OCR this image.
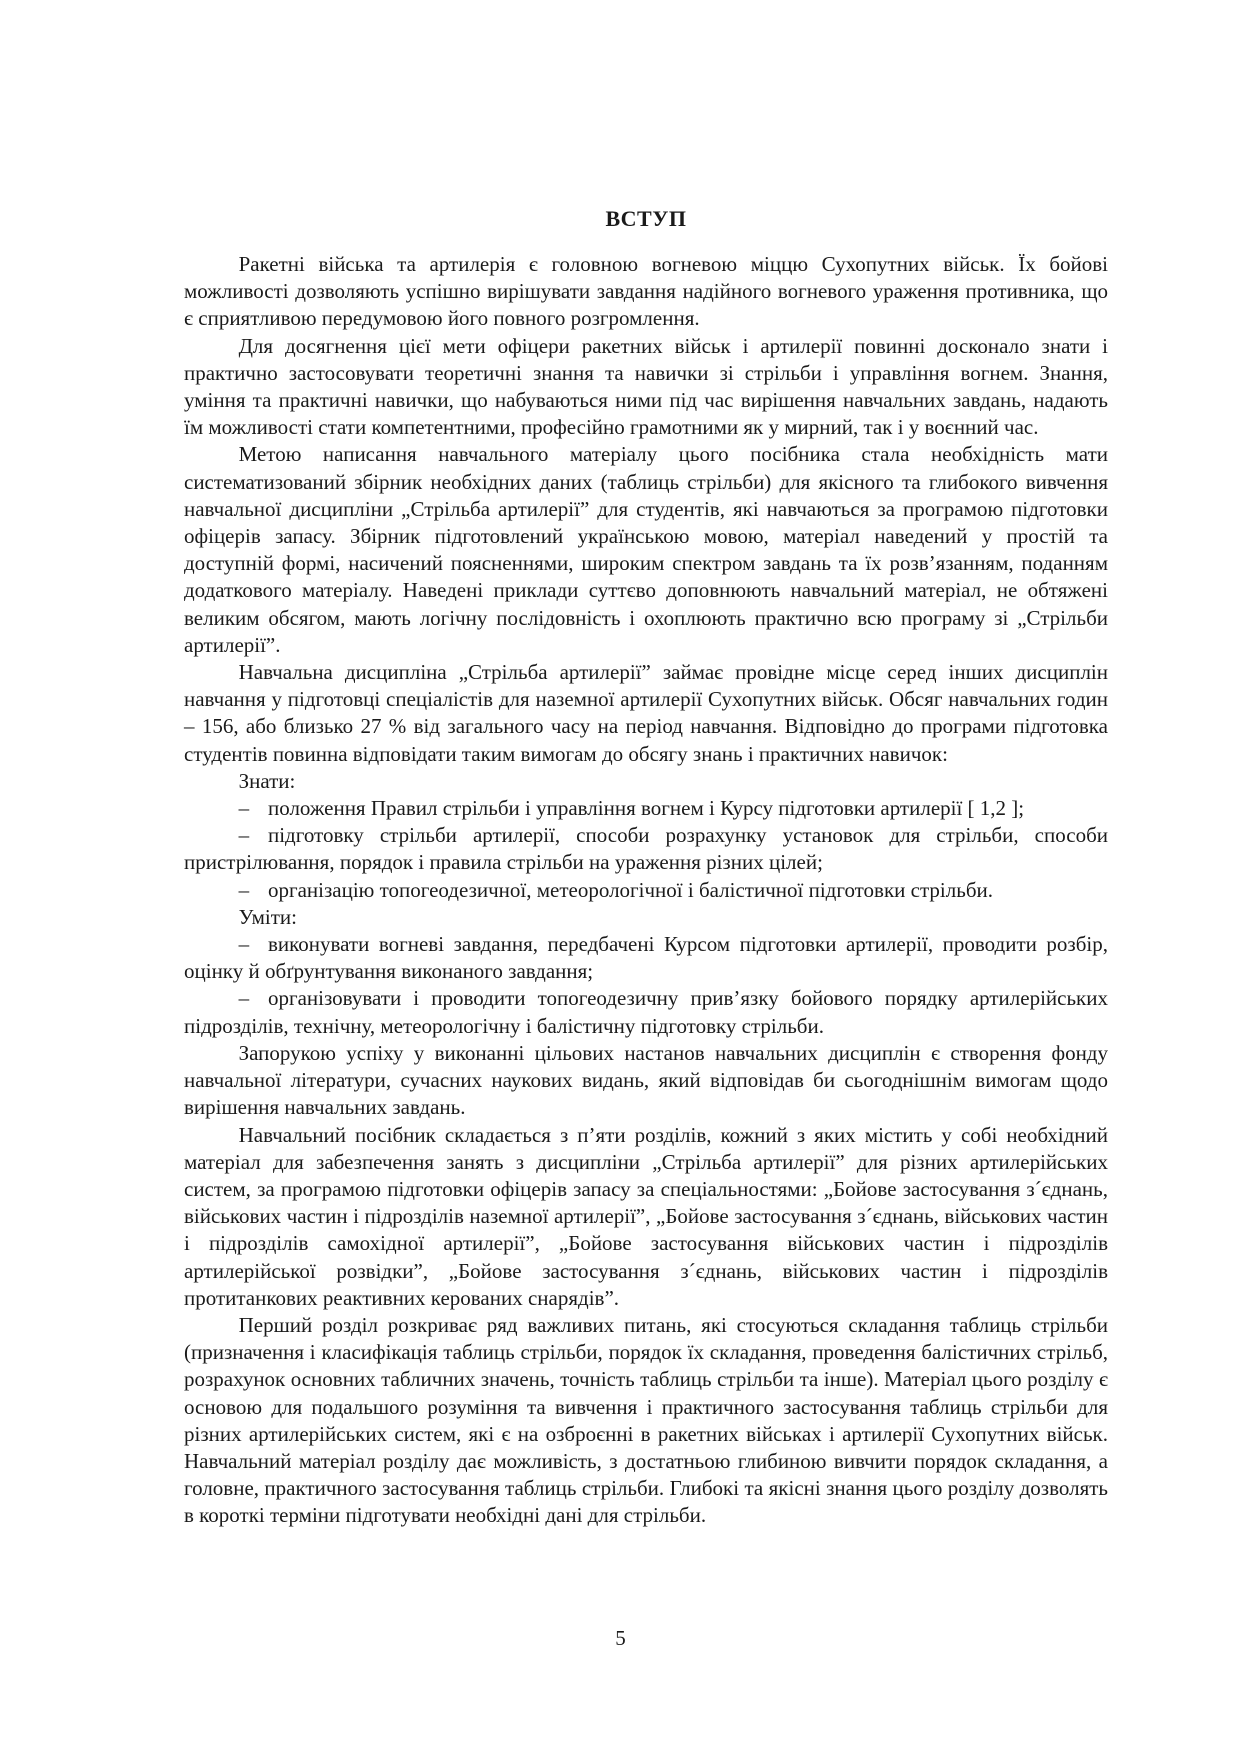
ВСТУП

Ракетні війська та артилерія є головною вогневою міццю Сухопутних військ. Їх бойові можливості дозволяють успішно вирішувати завдання надійного вогневого ураження противника, що є сприятливою передумовою його повного розгромлення.

Для досягнення цієї мети офіцери ракетних військ і артилерії повинні досконало знати і практично застосовувати теоретичні знання та навички зі стрільби і управління вогнем. Знання, уміння та практичні навички, що набуваються ними під час вирішення навчальних завдань, надають їм можливості стати компетентними, професійно грамотними як у мирний, так і у воєнний час.

Метою написання навчального матеріалу цього посібника стала необхідність мати систематизований збірник необхідних даних (таблиць стрільби) для якісного та глибокого вивчення навчальної дисципліни „Стрільба артилерії” для студентів, які навчаються за програмою підготовки офіцерів запасу. Збірник підготовлений українською мовою, матеріал наведений у простій та доступній формі, насичений поясненнями, широким спектром завдань та їх розв’язанням, поданням додаткового матеріалу. Наведені приклади суттєво доповнюють навчальний матеріал, не обтяжені великим обсягом, мають логічну послідовність і охоплюють практично всю програму зі „Стрільби артилерії”.

Навчальна дисципліна „Стрільба артилерії” займає провідне місце серед інших дисциплін навчання у підготовці спеціалістів для наземної артилерії Сухопутних військ. Обсяг навчальних годин – 156, або близько 27 % від загального часу на період навчання. Відповідно до програми підготовка студентів повинна відповідати таким вимогам до обсягу знань і практичних навичок:

Знати:

– положення Правил стрільби і управління вогнем і Курсу підготовки артилерії [ 1,2 ];

– підготовку стрільби артилерії, способи розрахунку установок для стрільби, способи пристрілювання, порядок і правила стрільби на ураження різних цілей;

– організацію топогеодезичної, метеорологічної і балістичної підготовки стрільби.

Уміти:

– виконувати вогневі завдання, передбачені Курсом підготовки артилерії, проводити розбір, оцінку й обґрунтування виконаного завдання;

– організовувати і проводити топогеодезичну прив’язку бойового порядку артилерійських підрозділів, технічну, метеорологічну і балістичну підготовку стрільби.

Запорукою успіху у виконанні цільових настанов навчальних дисциплін є створення фонду навчальної літератури, сучасних наукових видань, який відповідав би сьогоднішнім вимогам щодо вирішення навчальних завдань.

Навчальний посібник складається з п’яти розділів, кожний з яких містить у собі необхідний матеріал для забезпечення занять з дисципліни „Стрільба артилерії” для різних артилерійських систем, за програмою підготовки офіцерів запасу за спеціальностями: „Бойове застосування з´єднань, військових частин і підрозділів наземної артилерії”, „Бойове застосування з´єднань, військових частин і підрозділів самохідної артилерії”, „Бойове застосування військових частин і підрозділів артилерійської розвідки”, „Бойове застосування з´єднань, військових частин і підрозділів протитанкових реактивних керованих снарядів”.

Перший розділ розкриває ряд важливих питань, які стосуються складання таблиць стрільби (призначення і класифікація таблиць стрільби, порядок їх складання, проведення балістичних стрільб, розрахунок основних табличних значень, точність таблиць стрільби та інше). Матеріал цього розділу є основою для подальшого розуміння та вивчення і практичного застосування таблиць стрільби для різних артилерійських систем, які є на озброєнні в ракетних військах і артилерії Сухопутних військ. Навчальний матеріал розділу дає можливість, з достатньою глибиною вивчити порядок складання, а головне, практичного застосування таблиць стрільби. Глибокі та якісні знання цього розділу дозволять в короткі терміни підготувати необхідні дані для стрільби.

5
